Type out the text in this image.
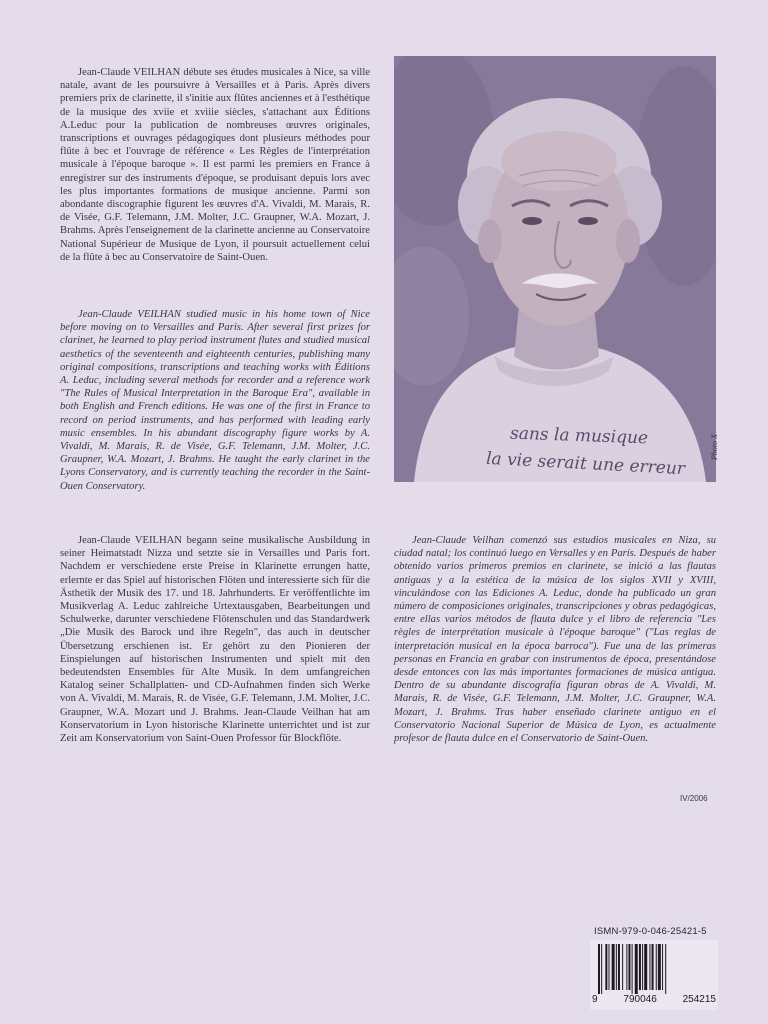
Jean-Claude VEILHAN débute ses études musicales à Nice, sa ville natale, avant de les poursuivre à Versailles et à Paris. Après divers premiers prix de clarinette, il s'initie aux flûtes anciennes et à l'esthétique de la musique des xviie et xviiie siècles, s'attachant aux Éditions A.Leduc pour la publication de nombreuses œuvres originales, transcriptions et ouvrages pédagogiques dont plusieurs méthodes pour flûte à bec et l'ouvrage de référence « Les Règles de l'interprétation musicale à l'époque baroque ». Il est parmi les premiers en France à enregistrer sur des instruments d'époque, se produisant depuis lors avec les plus importantes formations de musique ancienne. Parmi son abondante discographie figurent les œuvres d'A. Vivaldi, M. Marais, R. de Visée, G.F. Telemann, J.M. Molter, J.C. Graupner, W.A. Mozart, J. Brahms. Après l'enseignement de la clarinette ancienne au Conservatoire National Supérieur de Musique de Lyon, il poursuit actuellement celui de la flûte à bec au Conservatoire de Saint-Ouen.

Jean-Claude VEILHAN studied music in his home town of Nice before moving on to Versailles and Paris. After several first prizes for clarinet, he learned to play period instrument flutes and studied musical aesthetics of the seventeenth and eighteenth centuries, publishing many original compositions, transcriptions and teaching works with Éditions A. Leduc, including several methods for recorder and a reference work "The Rules of Musical Interpretation in the Baroque Era", available in both English and French editions. He was one of the first in France to record on period instruments, and has performed with leading early music ensembles. In his abundant discography figure works by A. Vivaldi, M. Marais, R. de Visée, G.F. Telemann, J.M. Molter, J.C. Graupner, W.A. Mozart, J. Brahms. He taught the early clarinet in the Lyons Conservatory, and is currently teaching the recorder in the Saint-Ouen Conservatory.

Jean-Claude VEILHAN begann seine musikalische Ausbildung in seiner Heimatstadt Nizza und setzte sie in Versailles und Paris fort. Nachdem er verschiedene erste Preise in Klarinette errungen hatte, erlernte er das Spiel auf historischen Flöten und interessierte sich für die Ästhetik der Musik des 17. und 18. Jahrhunderts. Er veröffentlichte im Musikverlag A. Leduc zahlreiche Urtextausgaben, Bearbeitungen und Schulwerke, darunter verschiedene Flötenschulen und das Standardwerk „Die Musik des Barock und ihre Regeln", das auch in deutscher Übersetzung erschienen ist. Er gehört zu den Pionieren der Einspielungen auf historischen Instrumenten und spielt mit den bedeutendsten Ensembles für Alte Musik. In dem umfangreichen Katalog seiner Schallplatten- und CD-Aufnahmen finden sich Werke von A. Vivaldi, M. Marais, R. de Visée, G.F. Telemann, J.M. Molter, J.C. Graupner, W.A. Mozart und J. Brahms. Jean-Claude Veilhan hat am Konservatorium in Lyon historische Klarinette unterrichtet und ist zur Zeit am Konservatorium von Saint-Ouen Professor für Blockflöte.

Jean-Claude Veilhan comenzó sus estudios musicales en Niza, su ciudad natal; los continuó luego en Versalles y en París. Después de haber obtenido varios primeros premios en clarinete, se inició a las flautas antiguas y a la estética de la música de los siglos XVII y XVIII, vinculándose con las Ediciones A. Leduc, donde ha publicado un gran número de composiciones originales, transcripciones y obras pedagógicas, entre ellas varios métodos de flauta dulce y el libro de referencia "Les règles de interprétation musicale à l'époque baroque" ("Las reglas de interpretación musical en la época barroca"). Fue una de las primeras personas en Francia en grabar con instrumentos de época, presentándose desde entonces con las más importantes formaciones de música antigua. Dentro de su abundante discografía figuran obras de A. Vivaldi, M. Marais, R. de Visée, G.F. Telemann, J.M. Molter, J.C. Graupner, W.A. Mozart, J. Brahms. Tras haber enseñado clarinete antiguo en el Conservatorio Nacional Superior de Música de Lyon, es actualmente profesor de flauta dulce en el Conservatorio de Saint-Ouen.

sans la musique
la vie serait une erreur
Photo X
IV/2006
ISMN-979-0-046-25421-5
9	790046	254215
